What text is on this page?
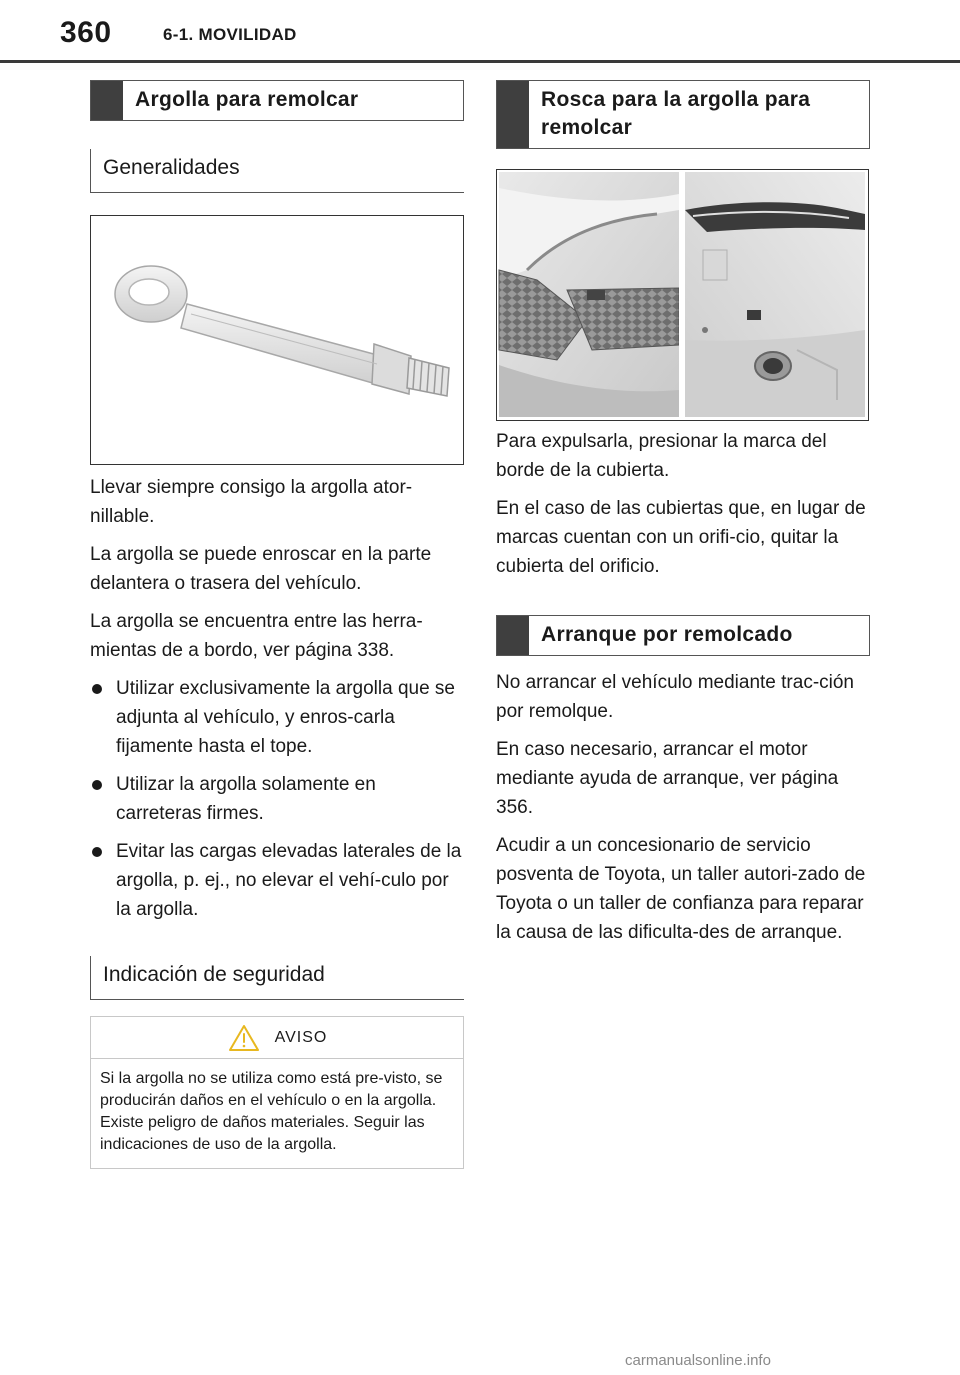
360	6-1. MOVILIDAD
Argolla para remolcar
Generalidades

Llevar siempre consigo la argolla ator-nillable.

La argolla se puede enroscar en la parte delantera o trasera del vehículo.

La argolla se encuentra entre las herra-mientas de a bordo, ver página 338.

Utilizar exclusivamente la argolla que se adjunta al vehículo, y enros-carla fijamente hasta el tope.
Utilizar la argolla solamente en carreteras firmes.
Evitar las cargas elevadas laterales de la argolla, p. ej., no elevar el vehí-culo por la argolla.
Indicación de seguridad
AVISO
Si la argolla no se utiliza como está pre-visto, se producirán daños en el vehículo o en la argolla. Existe peligro de daños materiales. Seguir las indicaciones de uso de la argolla.
Rosca para la argolla para remolcar

Para expulsarla, presionar la marca del borde de la cubierta.

En el caso de las cubiertas que, en lugar de marcas cuentan con un orifi-cio, quitar la cubierta del orificio.

Arranque por remolcado

No arrancar el vehículo mediante trac-ción por remolque.

En caso necesario, arrancar el motor mediante ayuda de arranque, ver página 356.

Acudir a un concesionario de servicio posventa de Toyota, un taller autori-zado de Toyota o un taller de confianza para reparar la causa de las dificulta-des de arranque.

carmanualsonline.info
